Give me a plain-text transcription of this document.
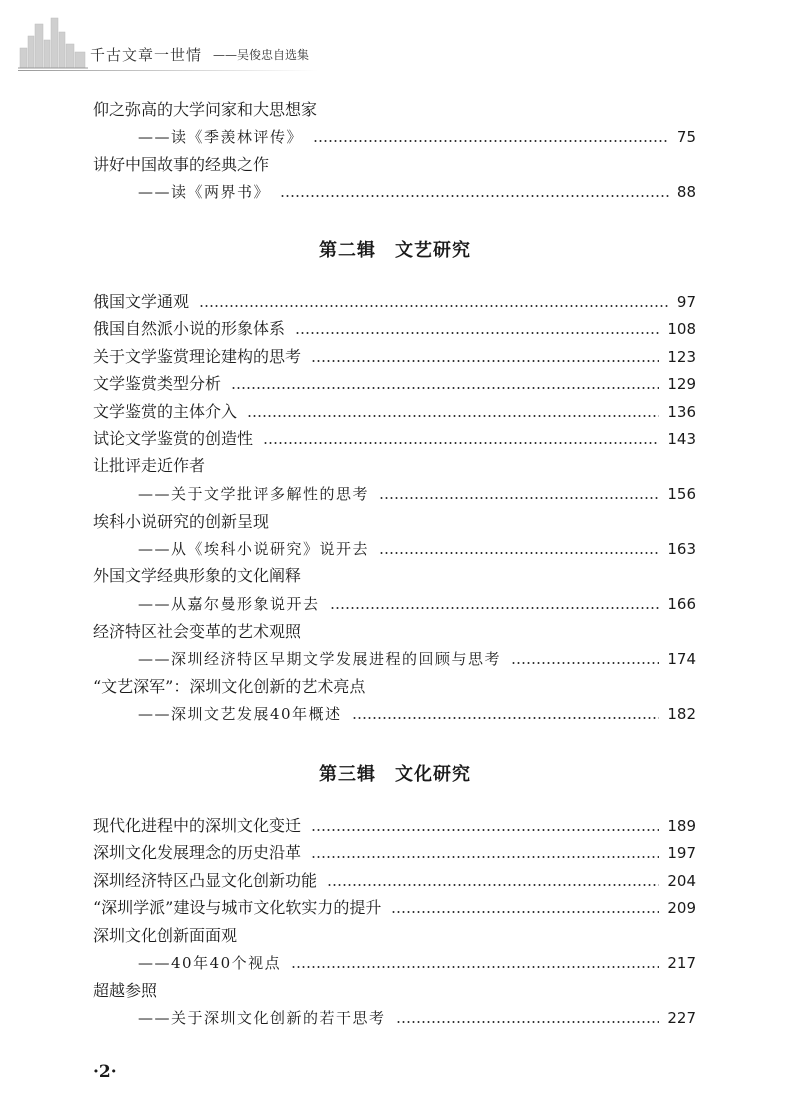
千古文章一世情 ——吴俊忠自选集
仰之弥高的大学问家和大思想家
——读《季羡林评传》	75
讲好中国故事的经典之作
——读《两界书》	88
第二辑　文艺研究
俄国文学通观	97
俄国自然派小说的形象体系	108
关于文学鉴赏理论建构的思考	123
文学鉴赏类型分析	129
文学鉴赏的主体介入	136
试论文学鉴赏的创造性	143
让批评走近作者
——关于文学批评多解性的思考	156
埃科小说研究的创新呈现
——从《埃科小说研究》说开去	163
外国文学经典形象的文化阐释
——从嘉尔曼形象说开去	166
经济特区社会变革的艺术观照
——深圳经济特区早期文学发展进程的回顾与思考	174
“文艺深军”：深圳文化创新的艺术亮点
——深圳文艺发展40年概述	182
第三辑　文化研究
现代化进程中的深圳文化变迁	189
深圳文化发展理念的历史沿革	197
深圳经济特区凸显文化创新功能	204
“深圳学派”建设与城市文化软实力的提升	209
深圳文化创新面面观
——40年40个视点	217
超越参照
——关于深圳文化创新的若干思考	227
·2·
